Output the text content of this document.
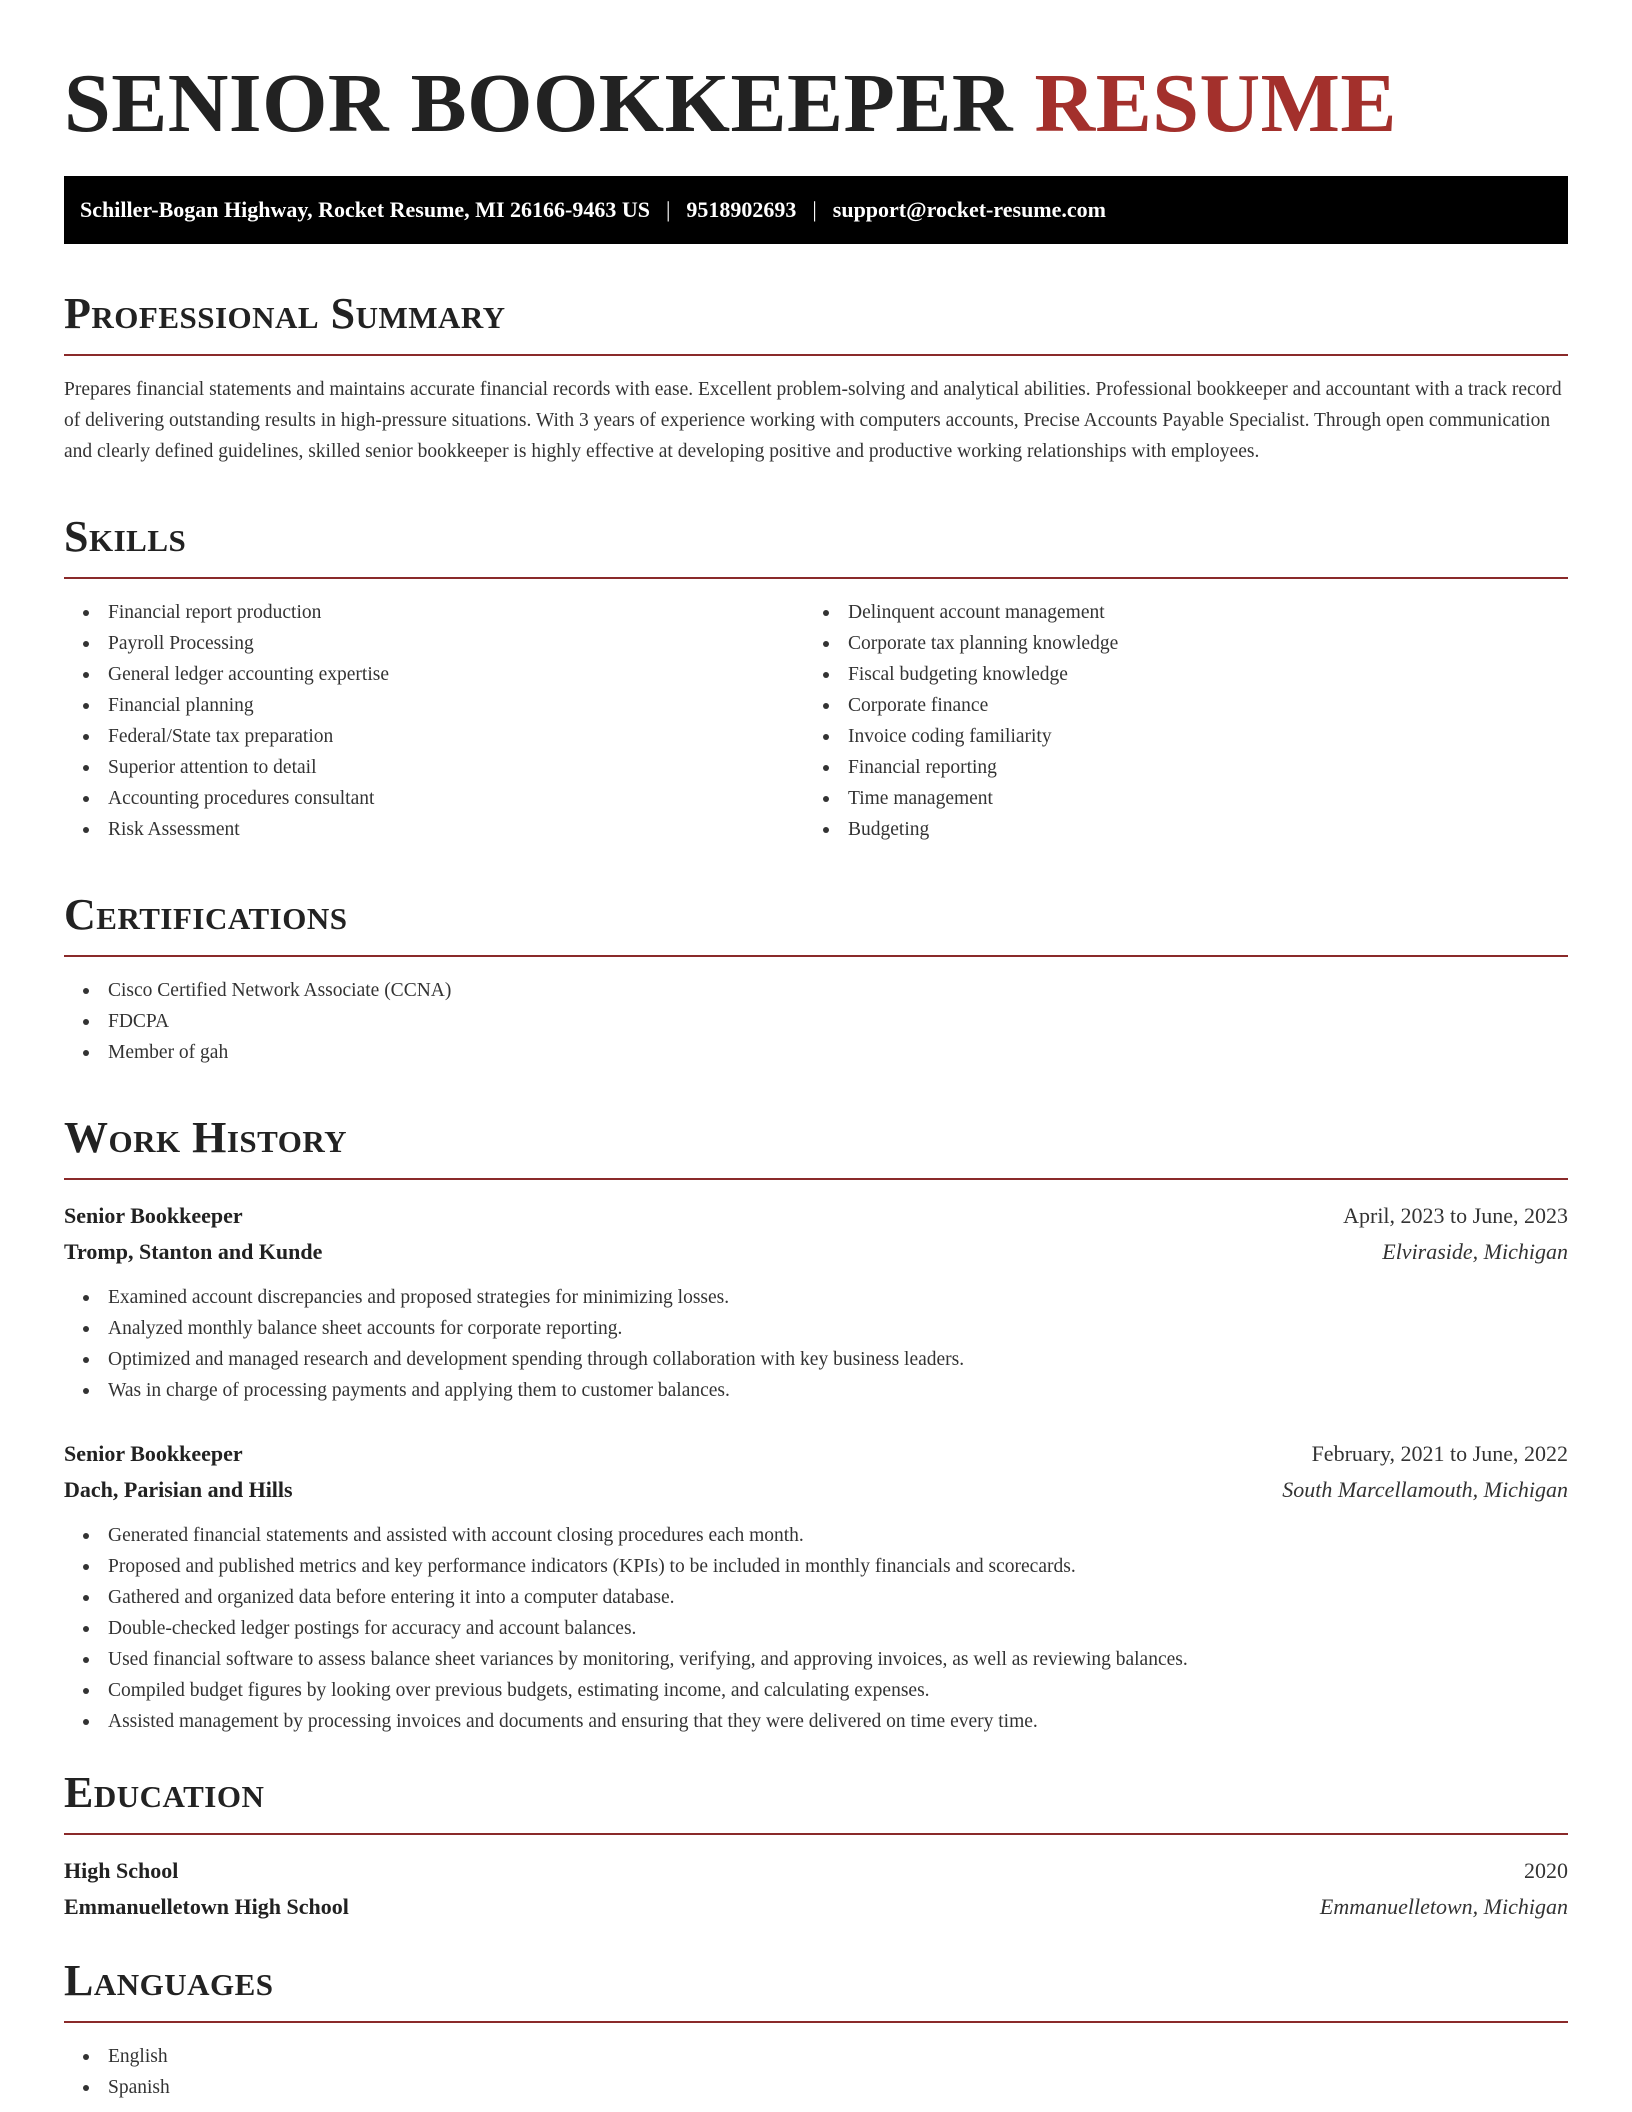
SENIOR BOOKKEEPER RESUME
Schiller-Bogan Highway, Rocket Resume, MI 26166-9463 US | 9518902693 | support@rocket-resume.com
Professional Summary

Prepares financial statements and maintains accurate financial records with ease. Excellent problem-solving and analytical abilities. Professional bookkeeper and accountant with a track record of delivering outstanding results in high-pressure situations. With 3 years of experience working with computers accounts, Precise Accounts Payable Specialist. Through open communication and clearly defined guidelines, skilled senior bookkeeper is highly effective at developing positive and productive working relationships with employees.

Skills
Financial report production
Payroll Processing
General ledger accounting expertise
Financial planning
Federal/State tax preparation
Superior attention to detail
Accounting procedures consultant
Risk Assessment
Delinquent account management
Corporate tax planning knowledge
Fiscal budgeting knowledge
Corporate finance
Invoice coding familiarity
Financial reporting
Time management
Budgeting
Certifications
Cisco Certified Network Associate (CCNA)
FDCPA
Member of gah
Work History
Senior Bookkeeper	April, 2023 to June, 2023
Tromp, Stanton and Kunde	Elviraside, Michigan
Examined account discrepancies and proposed strategies for minimizing losses.
Analyzed monthly balance sheet accounts for corporate reporting.
Optimized and managed research and development spending through collaboration with key business leaders.
Was in charge of processing payments and applying them to customer balances.
Senior Bookkeeper	February, 2021 to June, 2022
Dach, Parisian and Hills	South Marcellamouth, Michigan
Generated financial statements and assisted with account closing procedures each month.
Proposed and published metrics and key performance indicators (KPIs) to be included in monthly financials and scorecards.
Gathered and organized data before entering it into a computer database.
Double-checked ledger postings for accuracy and account balances.
Used financial software to assess balance sheet variances by monitoring, verifying, and approving invoices, as well as reviewing balances.
Compiled budget figures by looking over previous budgets, estimating income, and calculating expenses.
Assisted management by processing invoices and documents and ensuring that they were delivered on time every time.
Education
High School	2020
Emmanuelletown High School	Emmanuelletown, Michigan
Languages
English
Spanish
